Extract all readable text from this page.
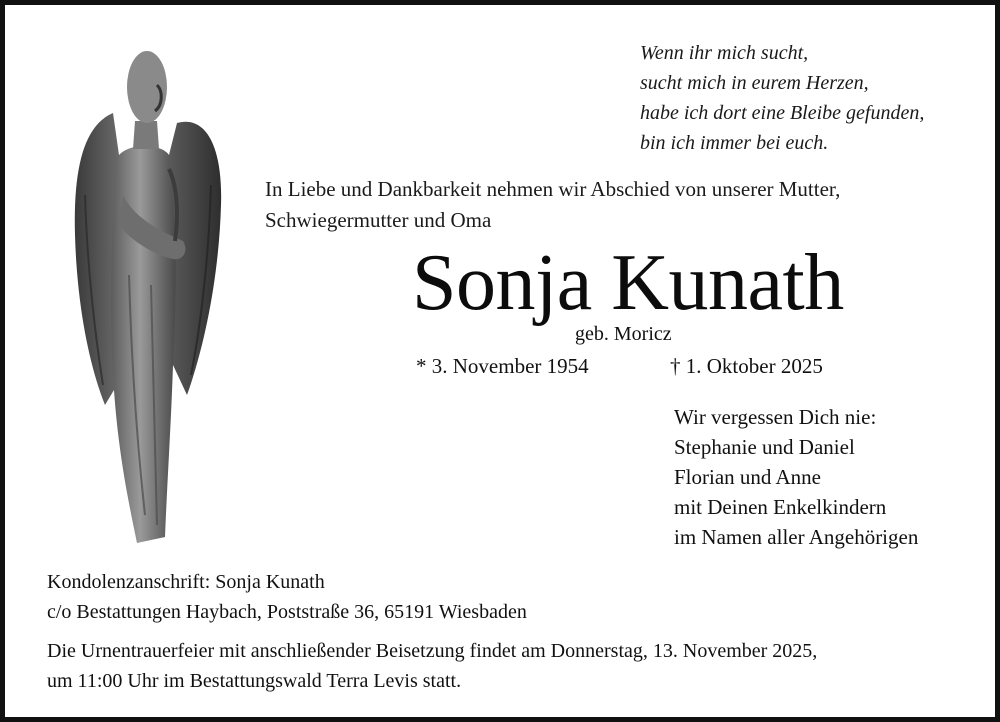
Wenn ihr mich sucht,
sucht mich in eurem Herzen,
habe ich dort eine Bleibe gefunden,
bin ich immer bei euch.
In Liebe und Dankbarkeit nehmen wir Abschied von unserer Mutter,
Schwiegermutter und Oma
Sonja Kunath
geb. Moricz
* 3. November 1954	† 1. Oktober 2025
Wir vergessen Dich nie:
Stephanie und Daniel
Florian und Anne
mit Deinen Enkelkindern
im Namen aller Angehörigen
Kondolenzanschrift: Sonja Kunath
c/o Bestattungen Haybach, Poststraße 36, 65191 Wiesbaden
Die Urnentrauerfeier mit anschließender Beisetzung findet am Donnerstag, 13. November 2025,
um 11:00 Uhr im Bestattungswald Terra Levis statt.
